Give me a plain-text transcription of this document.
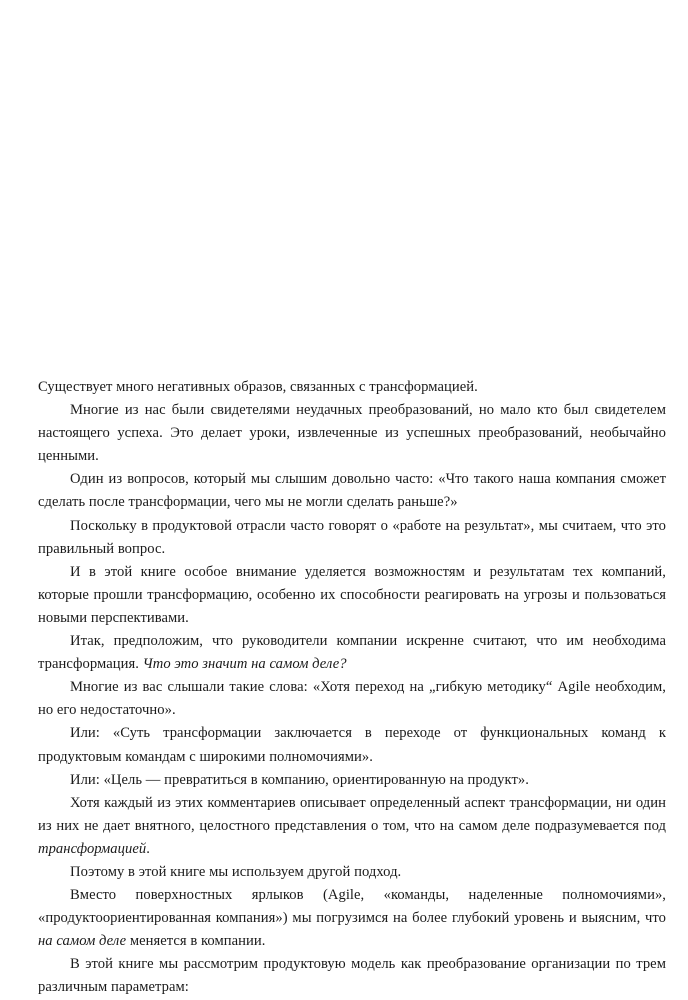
Существует много негативных образов, связанных с трансформацией.

Многие из нас были свидетелями неудачных преобразований, но мало кто был свидетелем настоящего успеха. Это делает уроки, извлеченные из успешных преобразований, необычайно ценными.

Один из вопросов, который мы слышим довольно часто: «Что такого наша компания сможет сделать после трансформации, чего мы не могли сделать раньше?»

Поскольку в продуктовой отрасли часто говорят о «работе на результат», мы считаем, что это правильный вопрос.

И в этой книге особое внимание уделяется возможностям и результатам тех компаний, которые прошли трансформацию, особенно их способности реагировать на угрозы и пользоваться новыми перспективами.

Итак, предположим, что руководители компании искренне считают, что им необходима трансформация. Что это значит на самом деле?

Многие из вас слышали такие слова: «Хотя переход на „гибкую методику“ Agile необходим, но его недостаточно».

Или: «Суть трансформации заключается в переходе от функциональных команд к продуктовым командам с широкими полномочиями».

Или: «Цель — превратиться в компанию, ориентированную на продукт».

Хотя каждый из этих комментариев описывает определенный аспект трансформации, ни один из них не дает внятного, целостного представления о том, что на самом деле подразумевается под трансформацией.

Поэтому в этой книге мы используем другой подход.

Вместо поверхностных ярлыков (Agile, «команды, наделенные полномочиями», «продуктоориентированная компания») мы погрузимся на более глубокий уровень и выясним, что на самом деле меняется в компании.

В этой книге мы рассмотрим продуктовую модель как преобразование организации по трем различным параметрам:
